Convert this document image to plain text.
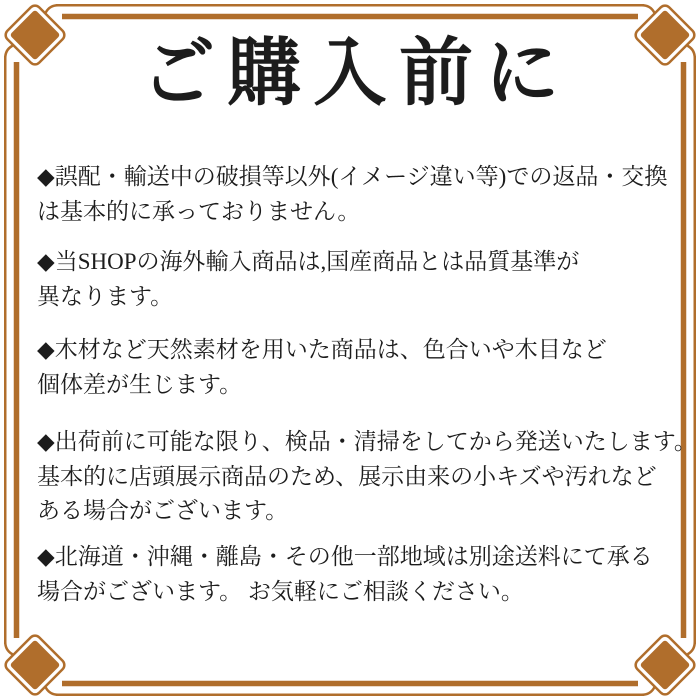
ご購入前に

◆誤配・輸送中の破損等以外(イメージ違い等)での返品・交換 は基本的に承っておりません。

◆当SHOPの海外輸入商品は,国産商品とは品質基準が 異なります。

◆木材など天然素材を用いた商品は、色合いや木目など 個体差が生じます。

◆出荷前に可能な限り、検品・清掃をしてから発送いたします。 基本的に店頭展示商品のため、展示由来の小キズや汚れなど ある場合がございます。

◆北海道・沖縄・離島・その他一部地域は別途送料にて承る 場合がございます。 お気軽にご相談ください。
